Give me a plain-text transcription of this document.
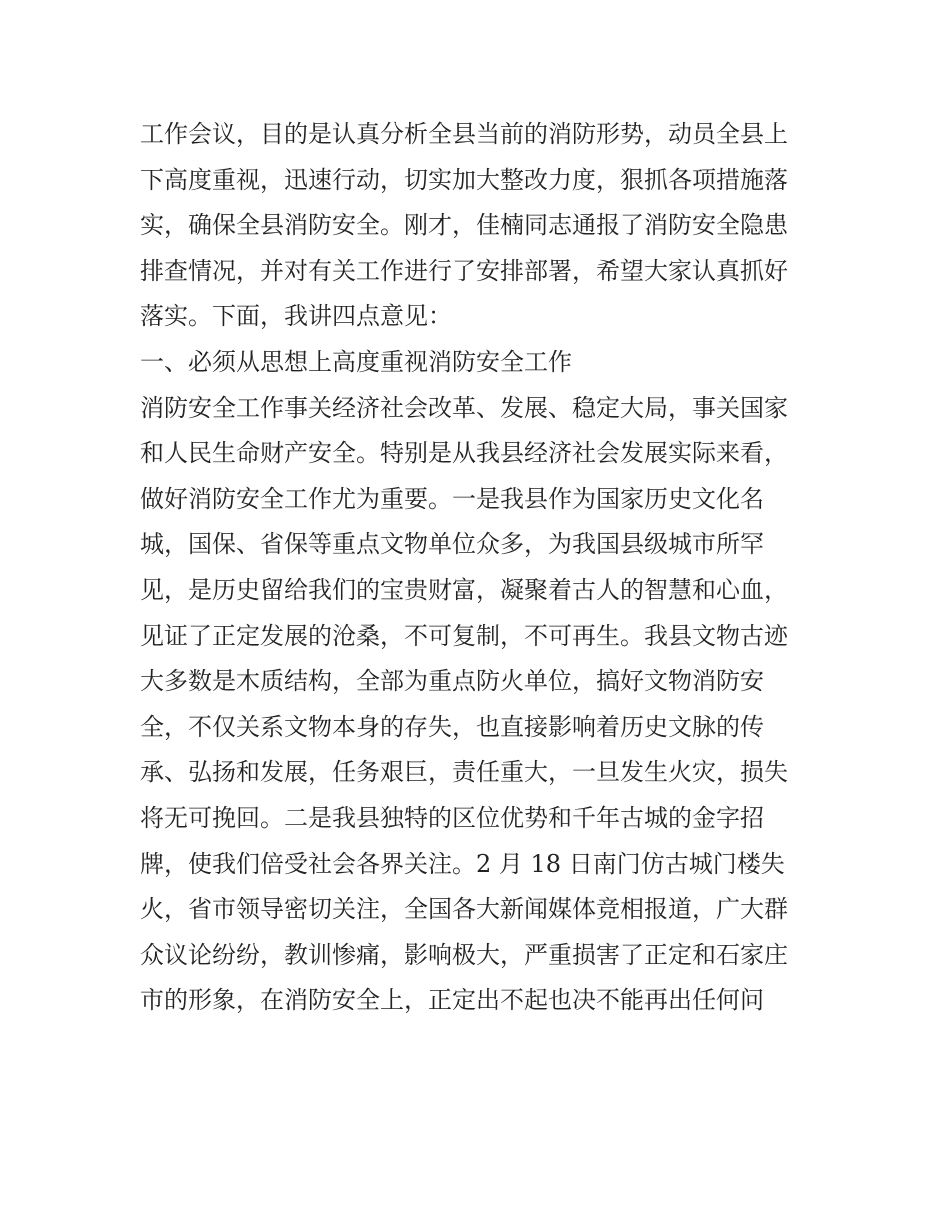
工作会议，目的是认真分析全县当前的消防形势，动员全县上
下高度重视，迅速行动，切实加大整改力度，狠抓各项措施落
实，确保全县消防安全。刚才，佳楠同志通报了消防安全隐患
排查情况，并对有关工作进行了安排部署，希望大家认真抓好
落实。下面，我讲四点意见：
一、必须从思想上高度重视消防安全工作
消防安全工作事关经济社会改革、发展、稳定大局，事关国家
和人民生命财产安全。特别是从我县经济社会发展实际来看，
做好消防安全工作尤为重要。一是我县作为国家历史文化名
城，国保、省保等重点文物单位众多，为我国县级城市所罕
见，是历史留给我们的宝贵财富，凝聚着古人的智慧和心血，
见证了正定发展的沧桑，不可复制，不可再生。我县文物古迹
大多数是木质结构，全部为重点防火单位，搞好文物消防安
全，不仅关系文物本身的存失，也直接影响着历史文脉的传
承、弘扬和发展，任务艰巨，责任重大，一旦发生火灾，损失
将无可挽回。二是我县独特的区位优势和千年古城的金字招
牌，使我们倍受社会各界关注。2 月 18 日南门仿古城门楼失
火，省市领导密切关注，全国各大新闻媒体竞相报道，广大群
众议论纷纷，教训惨痛，影响极大，严重损害了正定和石家庄
市的形象，在消防安全上，正定出不起也决不能再出任何问
